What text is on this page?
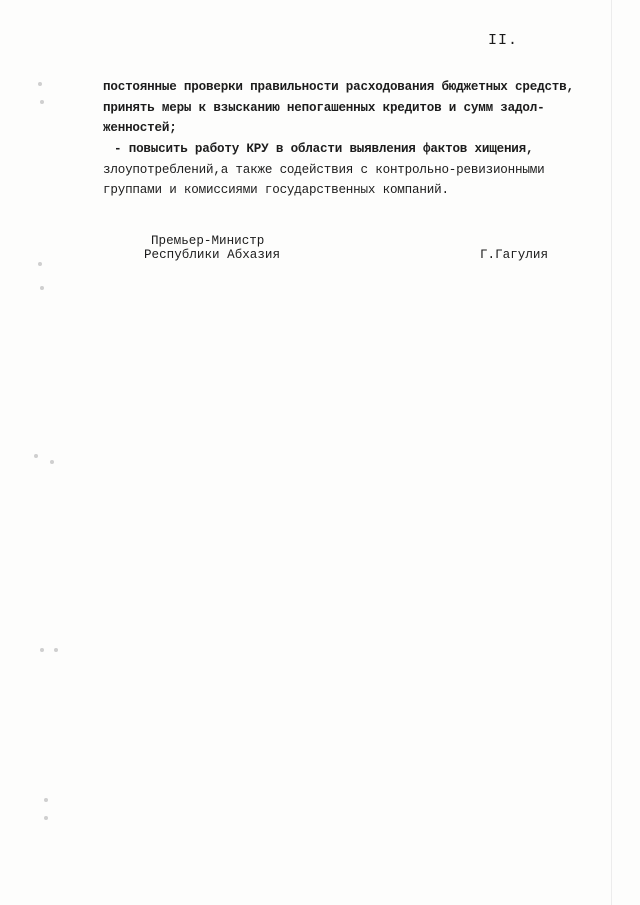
II.
постоянные проверки правильности расходования бюджетных средств,
принять меры к взысканию непогашенных кредитов и сумм задол-
женностей;
- повысить работу КРУ в области выявления фактов хищения,
злоупотреблений,а также содействия с контрольно-ревизионными
группами и комиссиями государственных компаний.
Премьер-Министр
Республики Абхазия	Г.Гагулия
